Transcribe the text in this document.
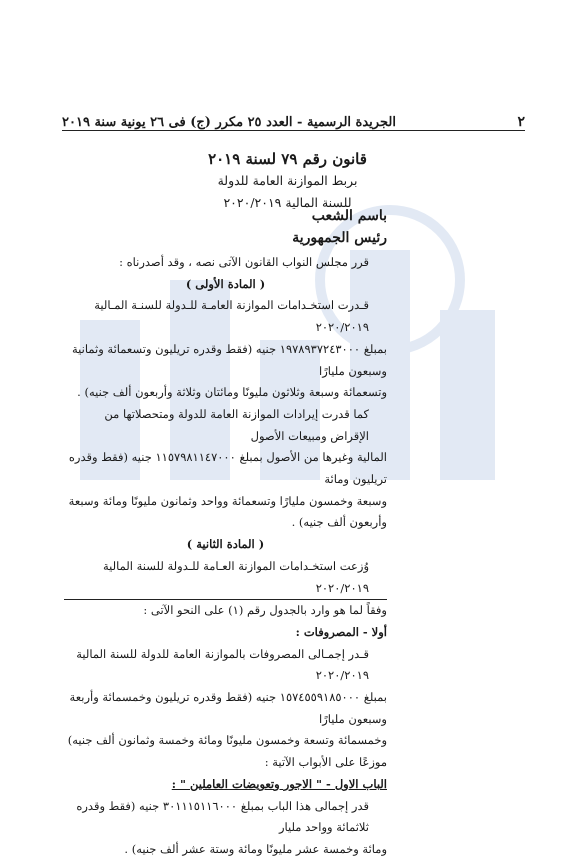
٢
الجريدة الرسمية - العدد ٢٥ مكرر (ج) فى ٢٦ يونية سنة ٢٠١٩
قانون رقم ٧٩ لسنة ٢٠١٩
بربط الموازنة العامة للدولة
للسنة المالية ٢٠٢٠/٢٠١٩
باسم الشعب
رئيس الجمهورية

قرر مجلس النواب القانون الآتى نصه ، وقد أصدرناه :

( المادة الأولى )

قـدرت استخـدامات الموازنة العامـة للـدولة للسنـة المـالية ٢٠٢٠/٢٠١٩

بمبلغ ١٩٧٨٩٣٧٢٤٣٠٠٠ جنيه (فقط وقدره تريليون وتسعمائة وثمانية وسبعون مليارًا

وتسعمائة وسبعة وثلاثون مليونًا ومائتان وثلاثة وأربعون ألف جنيه) .

كما قدرت إيرادات الموازنة العامة للدولة ومتحصلاتها من الإقراض ومبيعات الأصول

المالية وغيرها من الأصول بمبلغ ١١٥٧٩٨١١٤٧٠٠٠ جنيه (فقط وقدره تريليون ومائة

وسبعة وخمسون مليارًا وتسعمائة وواحد وثمانون مليونًا ومائة وسبعة وأربعون ألف جنيه) .

( المادة الثانية )

وُزعت استخـدامات الموازنة العـامة للـدولة للسنة المالية ٢٠٢٠/٢٠١٩

وفقاً لما هو وارد بالجدول رقم (١) على النحو الآتى :

أولا - المصروفات :

قـدر إجمـالى المصروفات بالموازنة العامة للدولة للسنة المالية ٢٠٢٠/٢٠١٩

بمبلغ ١٥٧٤٥٥٩١٨٥٠٠٠ جنيه (فقط وقدره تريليون وخمسمائة وأربعة وسبعون مليارًا

وخمسمائة وتسعة وخمسون مليونًا ومائة وخمسة وثمانون ألف جنيه) موزعًا على الأبواب الآتية :

الباب الاول - " الاجور وتعويضات العاملين " :

قدر إجمالى هذا الباب بمبلغ ٣٠١١١٥١١٦٠٠٠ جنيه (فقط وقدره ثلاثمائة وواحد مليار

ومائة وخمسة عشر مليونًا ومائة وستة عشر ألف جنيه) .
